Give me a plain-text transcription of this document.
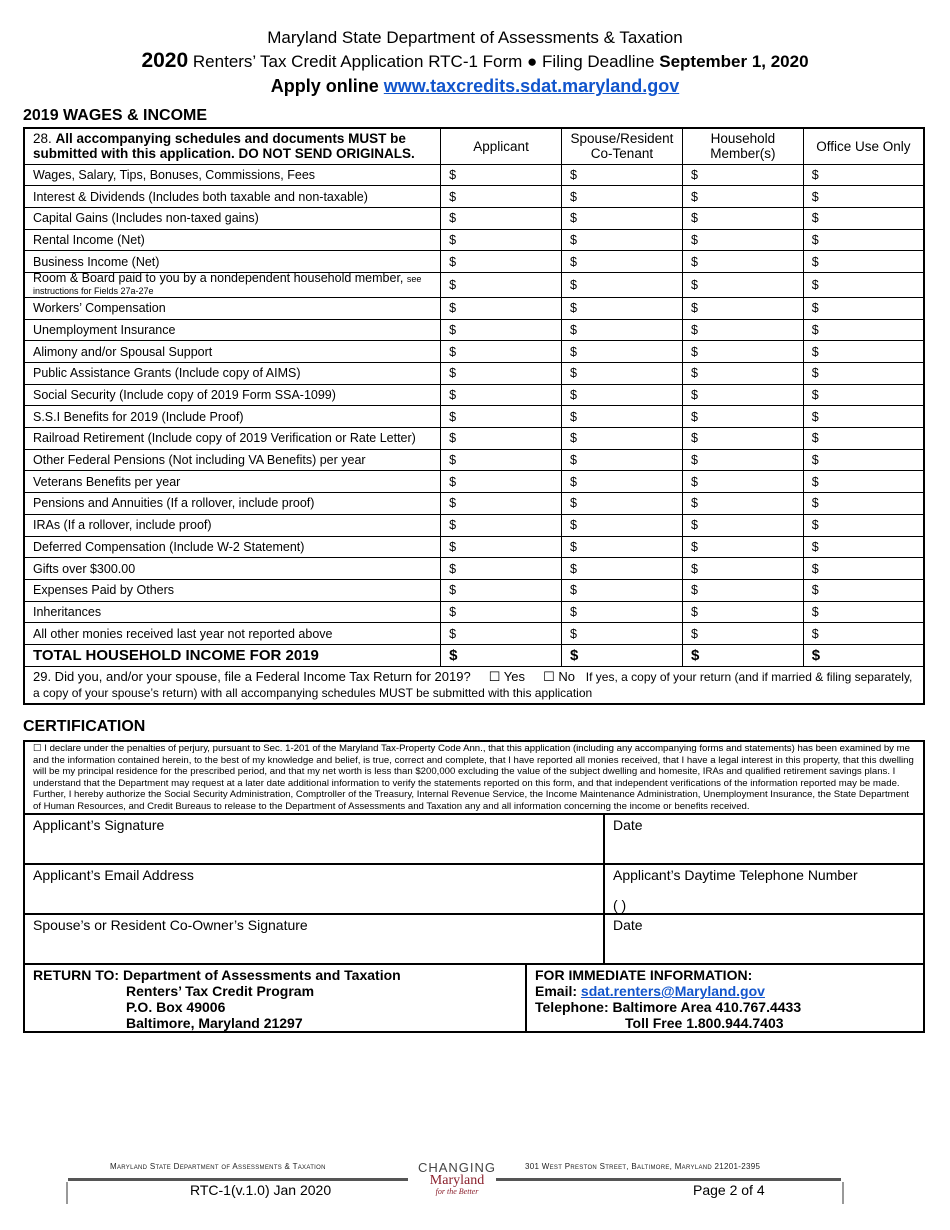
Maryland State Department of Assessments & Taxation
2020 Renters’ Tax Credit Application RTC-1 Form ● Filing Deadline September 1, 2020
Apply online www.taxcredits.sdat.maryland.gov
2019 WAGES & INCOME
28. All accompanying schedules and documents MUST be submitted with this application. DO NOT SEND ORIGINALS.	Applicant	Spouse/Resident Co-Tenant	Household Member(s)	Office Use Only
Wages, Salary, Tips, Bonuses, Commissions, Fees	$	$	$	$
Interest & Dividends (Includes both taxable and non-taxable)	$	$	$	$
Capital Gains (Includes non-taxed gains)	$	$	$	$
Rental Income (Net)	$	$	$	$
Business Income (Net)	$	$	$	$
Room & Board paid to you by a nondependent household member, see instructions for Fields 27a-27e	$	$	$	$
Workers’ Compensation	$	$	$	$
Unemployment Insurance	$	$	$	$
Alimony and/or Spousal Support	$	$	$	$
Public Assistance Grants (Include copy of AIMS)	$	$	$	$
Social Security (Include copy of 2019 Form SSA-1099)	$	$	$	$
S.S.I Benefits for 2019 (Include Proof)	$	$	$	$
Railroad Retirement (Include copy of 2019 Verification or Rate Letter)	$	$	$	$
Other Federal Pensions (Not including VA Benefits) per year	$	$	$	$
Veterans Benefits per year	$	$	$	$
Pensions and Annuities (If a rollover, include proof)	$	$	$	$
IRAs (If a rollover, include proof)	$	$	$	$
Deferred Compensation (Include W-2 Statement)	$	$	$	$
Gifts over $300.00	$	$	$	$
Expenses Paid by Others	$	$	$	$
Inheritances	$	$	$	$
All other monies received last year not reported above	$	$	$	$
TOTAL HOUSEHOLD INCOME FOR 2019	$	$	$	$
29. Did you, and/or your spouse, file a Federal Income Tax Return for 2019? ☐ Yes ☐ No If yes, a copy of your return (and if married & filing separately, a copy of your spouse’s return) with all accompanying schedules MUST be submitted with this application				
CERTIFICATION
☐ I declare under the penalties of perjury, pursuant to Sec. 1-201 of the Maryland Tax-Property Code Ann., that this application (including any accompanying forms and statements) has been examined by me and the information contained herein, to the best of my knowledge and belief, is true, correct and complete, that I have reported all monies received, that I have a legal interest in this property, that this dwelling will be my principal residence for the prescribed period, and that my net worth is less than $200,000 excluding the value of the subject dwelling and homesite, IRAs and qualified retirement savings plans. I understand that the Department may request at a later date additional information to verify the statements reported on this form, and that independent verifications of the information reported may be made. Further, I hereby authorize the Social Security Administration, Comptroller of the Treasury, Internal Revenue Service, the Income Maintenance Administration, Unemployment Insurance, the State Department of Human Resources, and Credit Bureaus to release to the Department of Assessments and Taxation any and all information concerning the income or benefits received.
Applicant’s Signature	Date
Applicant’s Email Address	Applicant’s Daytime Telephone Number
( )
Spouse’s or Resident Co-Owner’s Signature	Date
RETURN TO: Department of Assessments and Taxation
Renters’ Tax Credit Program
P.O. Box 49006
Baltimore, Maryland 21297
FOR IMMEDIATE INFORMATION:
Email: sdat.renters@Maryland.gov
Telephone: Baltimore Area 410.767.4433
Toll Free 1.800.944.7403
Maryland State Department of Assessments & Taxation	CHANGING
Maryland
for the Better
301 West Preston Street, Baltimore, Maryland 21201-2395
RTC-1(v.1.0) Jan 2020	Page 2 of 4
